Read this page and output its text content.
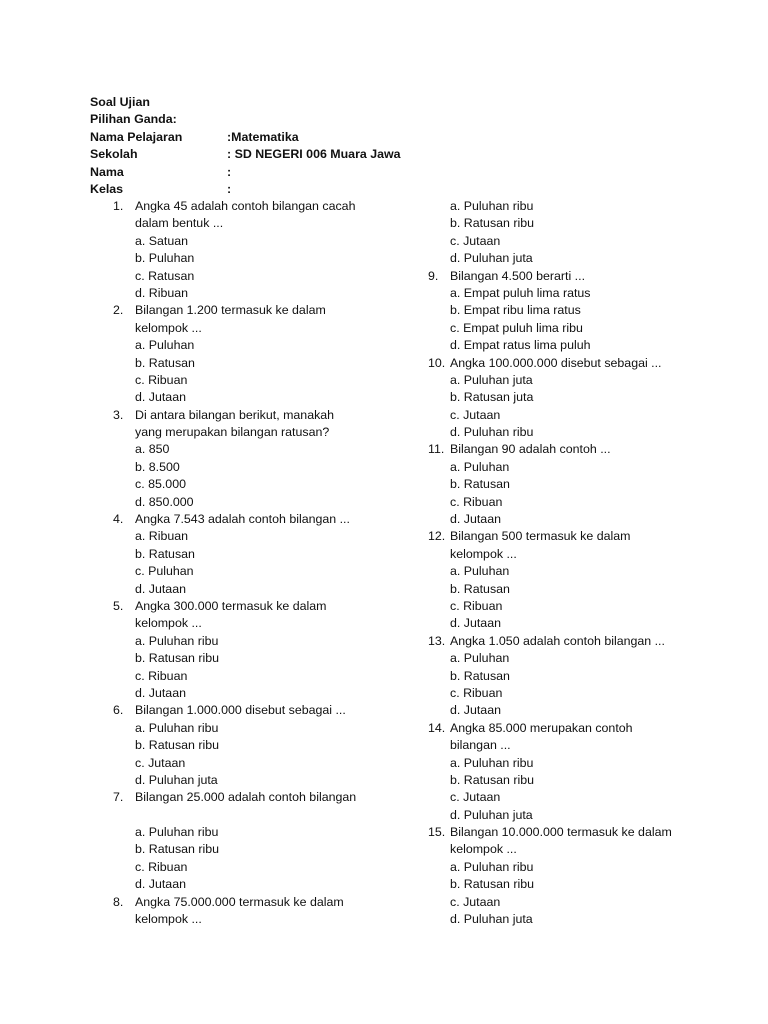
Soal Ujian
Pilihan Ganda:
Nama Pelajaran	:Matematika
Sekolah	: SD NEGERI 006 Muara Jawa
Nama	:
Kelas	:
1. Angka 45 adalah contoh bilangan cacah
dalam bentuk ...
a. Satuan
b. Puluhan
c. Ratusan
d. Ribuan
2. Bilangan 1.200 termasuk ke dalam
kelompok ...
a. Puluhan
b. Ratusan
c. Ribuan
d. Jutaan
3. Di antara bilangan berikut, manakah
yang merupakan bilangan ratusan?
a. 850
b. 8.500
c. 85.000
d. 850.000
4. Angka 7.543 adalah contoh bilangan ...
a. Ribuan
b. Ratusan
c. Puluhan
d. Jutaan
5. Angka 300.000 termasuk ke dalam
kelompok ...
a. Puluhan ribu
b. Ratusan ribu
c. Ribuan
d. Jutaan
6. Bilangan 1.000.000 disebut sebagai ...
a. Puluhan ribu
b. Ratusan ribu
c. Jutaan
d. Puluhan juta
7. Bilangan 25.000 adalah contoh bilangan
a. Puluhan ribu
b. Ratusan ribu
c. Ribuan
d. Jutaan
8. Angka 75.000.000 termasuk ke dalam
kelompok ...
a. Puluhan ribu
b. Ratusan ribu
c. Jutaan
d. Puluhan juta
9. Bilangan 4.500 berarti ...
a. Empat puluh lima ratus
b. Empat ribu lima ratus
c. Empat puluh lima ribu
d. Empat ratus lima puluh
10. Angka 100.000.000 disebut sebagai ...
a. Puluhan juta
b. Ratusan juta
c. Jutaan
d. Puluhan ribu
11. Bilangan 90 adalah contoh ...
a. Puluhan
b. Ratusan
c. Ribuan
d. Jutaan
12. Bilangan 500 termasuk ke dalam
kelompok ...
a. Puluhan
b. Ratusan
c. Ribuan
d. Jutaan
13. Angka 1.050 adalah contoh bilangan ...
a. Puluhan
b. Ratusan
c. Ribuan
d. Jutaan
14. Angka 85.000 merupakan contoh
bilangan ...
a. Puluhan ribu
b. Ratusan ribu
c. Jutaan
d. Puluhan juta
15. Bilangan 10.000.000 termasuk ke dalam
kelompok ...
a. Puluhan ribu
b. Ratusan ribu
c. Jutaan
d. Puluhan juta
